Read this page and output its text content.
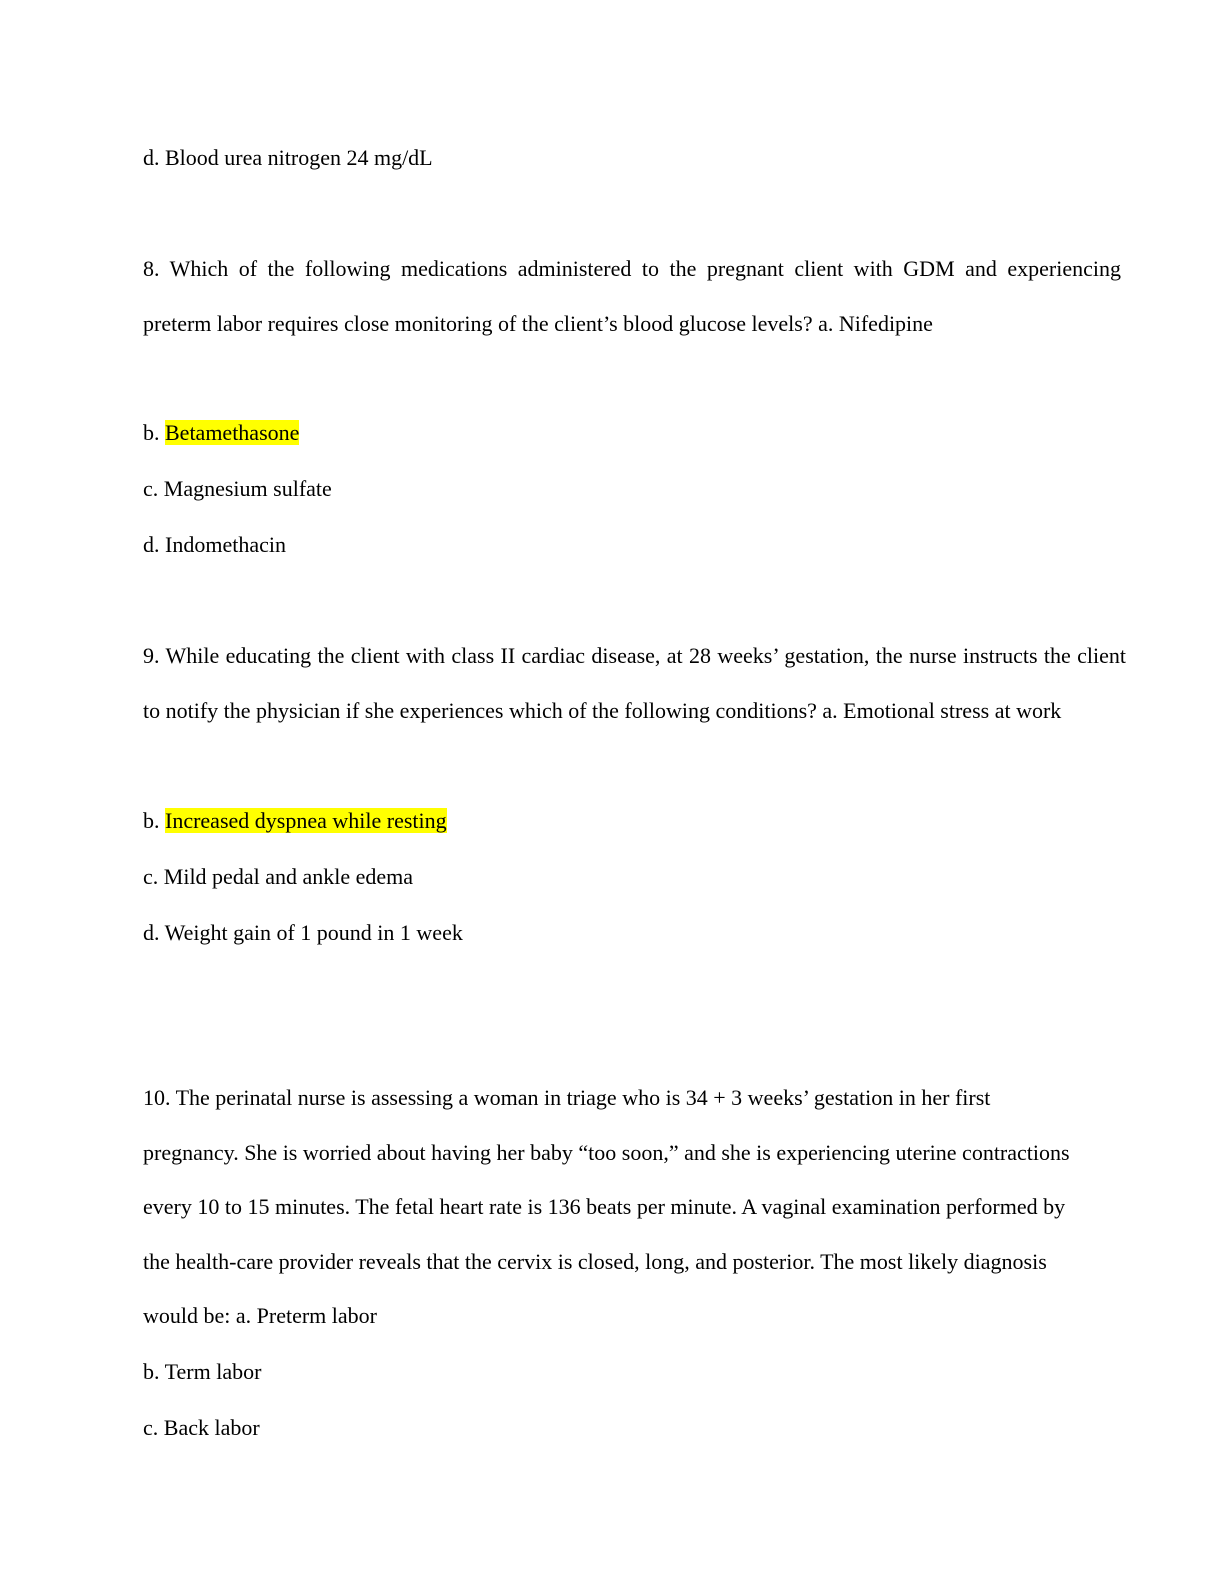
d. Blood urea nitrogen 24 mg/dL
8. Which of the following medications administered to the pregnant client with GDM and experiencing preterm labor requires close monitoring of the client’s blood glucose levels? a. Nifedipine
b. Betamethasone
c. Magnesium sulfate
d. Indomethacin
9. While educating the client with class II cardiac disease, at 28 weeks’ gestation, the nurse instructs the client to notify the physician if she experiences which of the following conditions? a. Emotional stress at work
b. Increased dyspnea while resting
c. Mild pedal and ankle edema
d. Weight gain of 1 pound in 1 week
10. The perinatal nurse is assessing a woman in triage who is 34 + 3 weeks’ gestation in her first pregnancy. She is worried about having her baby “too soon,” and she is experiencing uterine contractions every 10 to 15 minutes. The fetal heart rate is 136 beats per minute. A vaginal examination performed by the health-care provider reveals that the cervix is closed, long, and posterior. The most likely diagnosis would be: a. Preterm labor
b. Term labor
c. Back labor
